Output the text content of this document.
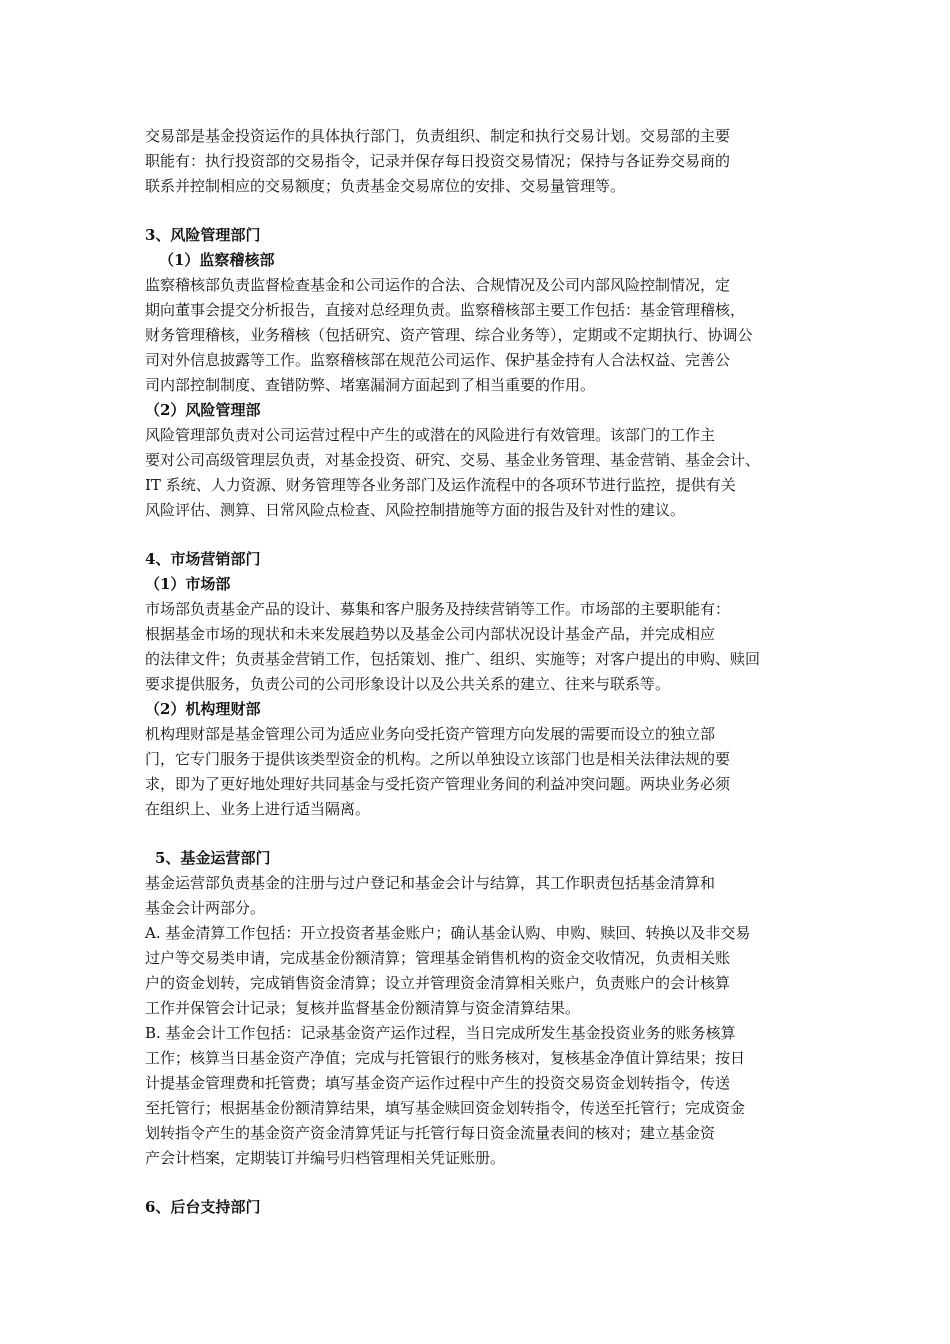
交易部是基金投资运作的具体执行部门，负责组织、制定和执行交易计划。交易部的主要
职能有：执行投资部的交易指令，记录并保存每日投资交易情况；保持与各证券交易商的
联系并控制相应的交易额度；负责基金交易席位的安排、交易量管理等。
3、风险管理部门
（1）监察稽核部
监察稽核部负责监督检查基金和公司运作的合法、合规情况及公司内部风险控制情况，定
期向董事会提交分析报告，直接对总经理负责。监察稽核部主要工作包括：基金管理稽核，
财务管理稽核，业务稽核（包括研究、资产管理、综合业务等），定期或不定期执行、协调公
司对外信息披露等工作。监察稽核部在规范公司运作、保护基金持有人合法权益、完善公
司内部控制制度、查错防弊、堵塞漏洞方面起到了相当重要的作用。
（2）风险管理部
风险管理部负责对公司运营过程中产生的或潜在的风险进行有效管理。该部门的工作主
要对公司高级管理层负责，对基金投资、研究、交易、基金业务管理、基金营销、基金会计、
IT 系统、人力资源、财务管理等各业务部门及运作流程中的各项环节进行监控，提供有关
风险评估、测算、日常风险点检查、风险控制措施等方面的报告及针对性的建议。
4、市场营销部门
（1）市场部
市场部负责基金产品的设计、募集和客户服务及持续营销等工作。市场部的主要职能有：
根据基金市场的现状和未来发展趋势以及基金公司内部状况设计基金产品，并完成相应
的法律文件；负责基金营销工作，包括策划、推广、组织、实施等；对客户提出的申购、赎回
要求提供服务，负责公司的公司形象设计以及公共关系的建立、往来与联系等。
（2）机构理财部
机构理财部是基金管理公司为适应业务向受托资产管理方向发展的需要而设立的独立部
门，它专门服务于提供该类型资金的机构。之所以单独设立该部门也是相关法律法规的要
求，即为了更好地处理好共同基金与受托资产管理业务间的利益冲突问题。两块业务必须
在组织上、业务上进行适当隔离。
5、基金运营部门
基金运营部负责基金的注册与过户登记和基金会计与结算，其工作职责包括基金清算和
基金会计两部分。
A. 基金清算工作包括：开立投资者基金账户；确认基金认购、申购、赎回、转换以及非交易
过户等交易类申请，完成基金份额清算；管理基金销售机构的资金交收情况，负责相关账
户的资金划转，完成销售资金清算；设立并管理资金清算相关账户，负责账户的会计核算
工作并保管会计记录；复核并监督基金份额清算与资金清算结果。
B. 基金会计工作包括：记录基金资产运作过程，当日完成所发生基金投资业务的账务核算
工作；核算当日基金资产净值；完成与托管银行的账务核对，复核基金净值计算结果；按日
计提基金管理费和托管费；填写基金资产运作过程中产生的投资交易资金划转指令，传送
至托管行；根据基金份额清算结果，填写基金赎回资金划转指令，传送至托管行；完成资金
划转指令产生的基金资产资金清算凭证与托管行每日资金流量表间的核对；建立基金资
产会计档案，定期装订并编号归档管理相关凭证账册。
6、后台支持部门
